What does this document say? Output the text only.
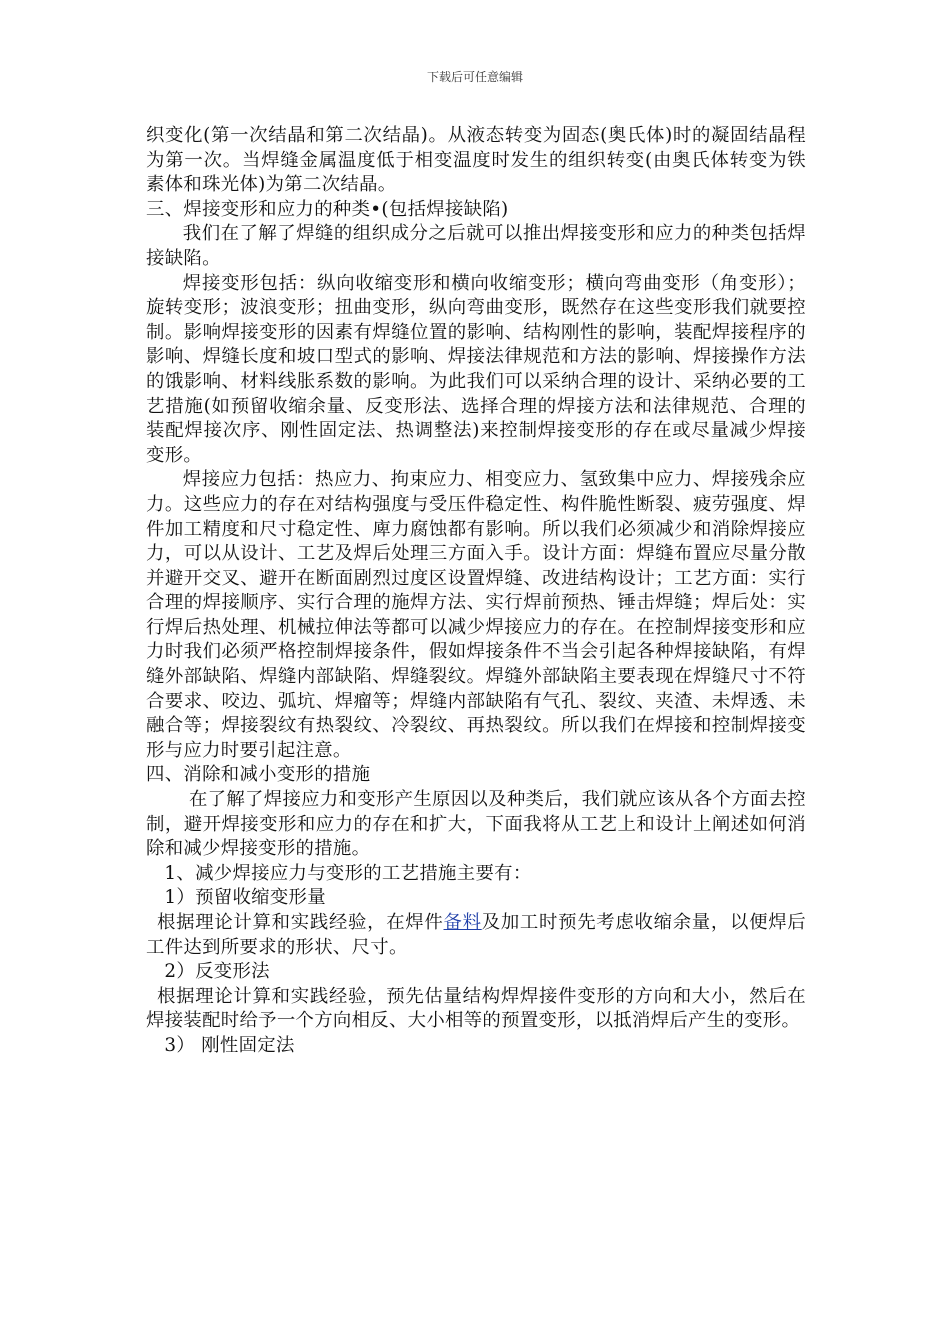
下载后可任意编辑

织变化(第一次结晶和第二次结晶)。从液态转变为固态(奥氏体)时的凝固结晶程为第一次。当焊缝金属温度低于相变温度时发生的组织转变(由奥氏体转变为铁素体和珠光体)为第二次结晶。

三、焊接变形和应力的种类•(包括焊接缺陷)

我们在了解了焊缝的组织成分之后就可以推出焊接变形和应力的种类包括焊接缺陷。

焊接变形包括：纵向收缩变形和横向收缩变形；横向弯曲变形（角变形）；旋转变形；波浪变形；扭曲变形，纵向弯曲变形，既然存在这些变形我们就要控制。影响焊接变形的因素有焊缝位置的影响、结构刚性的影响，装配焊接程序的影响、焊缝长度和坡口型式的影响、焊接法律规范和方法的影响、焊接操作方法的饿影响、材料线胀系数的影响。为此我们可以采纳合理的设计、采纳必要的工艺措施(如预留收缩余量、反变形法、选择合理的焊接方法和法律规范、合理的装配焊接次序、刚性固定法、热调整法)来控制焊接变形的存在或尽量减少焊接变形。

焊接应力包括：热应力、拘束应力、相变应力、氢致集中应力、焊接残余应力。这些应力的存在对结构强度与受压件稳定性、构件脆性断裂、疲劳强度、焊件加工精度和尺寸稳定性、庳力腐蚀都有影响。所以我们必须减少和消除焊接应力，可以从设计、工艺及焊后处理三方面入手。设计方面：焊缝布置应尽量分散并避开交叉、避开在断面剧烈过度区设置焊缝、改进结构设计；工艺方面：实行合理的焊接顺序、实行合理的施焊方法、实行焊前预热、锤击焊缝；焊后处：实行焊后热处理、机械拉伸法等都可以减少焊接应力的存在。在控制焊接变形和应力时我们必须严格控制焊接条件，假如焊接条件不当会引起各种焊接缺陷，有焊缝外部缺陷、焊缝内部缺陷、焊缝裂纹。焊缝外部缺陷主要表现在焊缝尺寸不符合要求、咬边、弧坑、焊瘤等；焊缝内部缺陷有气孔、裂纹、夹渣、未焊透、未融合等；焊接裂纹有热裂纹、冷裂纹、再热裂纹。所以我们在焊接和控制焊接变形与应力时要引起注意。

四、消除和减小变形的措施

在了解了焊接应力和变形产生原因以及种类后，我们就应该从各个方面去控制，避开焊接变形和应力的存在和扩大，下面我将从工艺上和设计上阐述如何消除和减少焊接变形的措施。

1、减少焊接应力与变形的工艺措施主要有：

1）预留收缩变形量

根据理论计算和实践经验，在焊件备料及加工时预先考虑收缩余量，以便焊后 工件达到所要求的形状、尺寸。

2）反变形法

根据理论计算和实践经验，预先估量结构焊焊接件变形的方向和大小，然后在焊接装配时给予一个方向相反、大小相等的预置变形，以抵消焊后产生的变形。

3） 刚性固定法
